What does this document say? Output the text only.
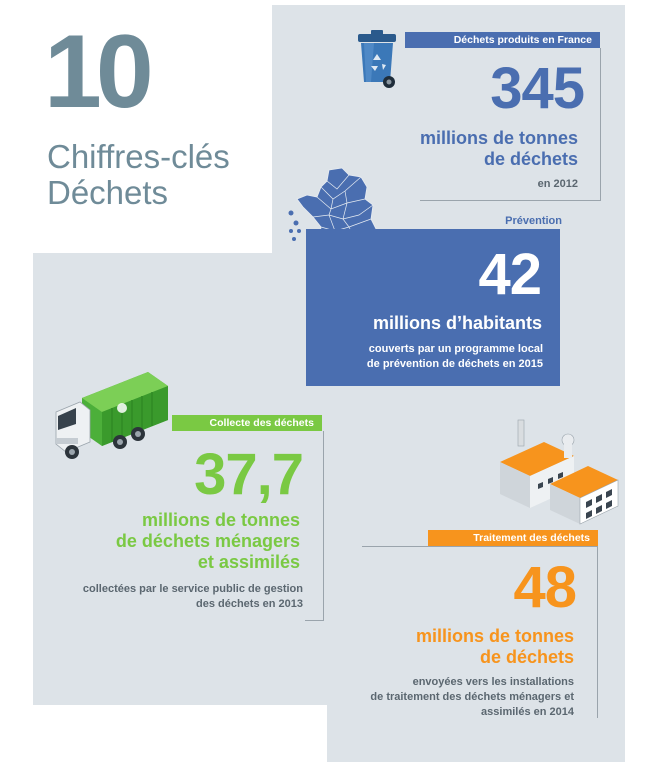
10
Chiffres-clés
Déchets
Déchets produits en France
345
millions de tonnes
de déchets
en 2012
Prévention
42
millions d’habitants
couverts par un programme local
de prévention de déchets en 2015
Collecte des déchets
37,7
millions de tonnes
de déchets ménagers
et assimilés
collectées par le service public de gestion
des déchets en 2013
Traitement des déchets
48
millions de tonnes
de déchets
envoyées vers les installations
de traitement des déchets ménagers et
assimilés en 2014
